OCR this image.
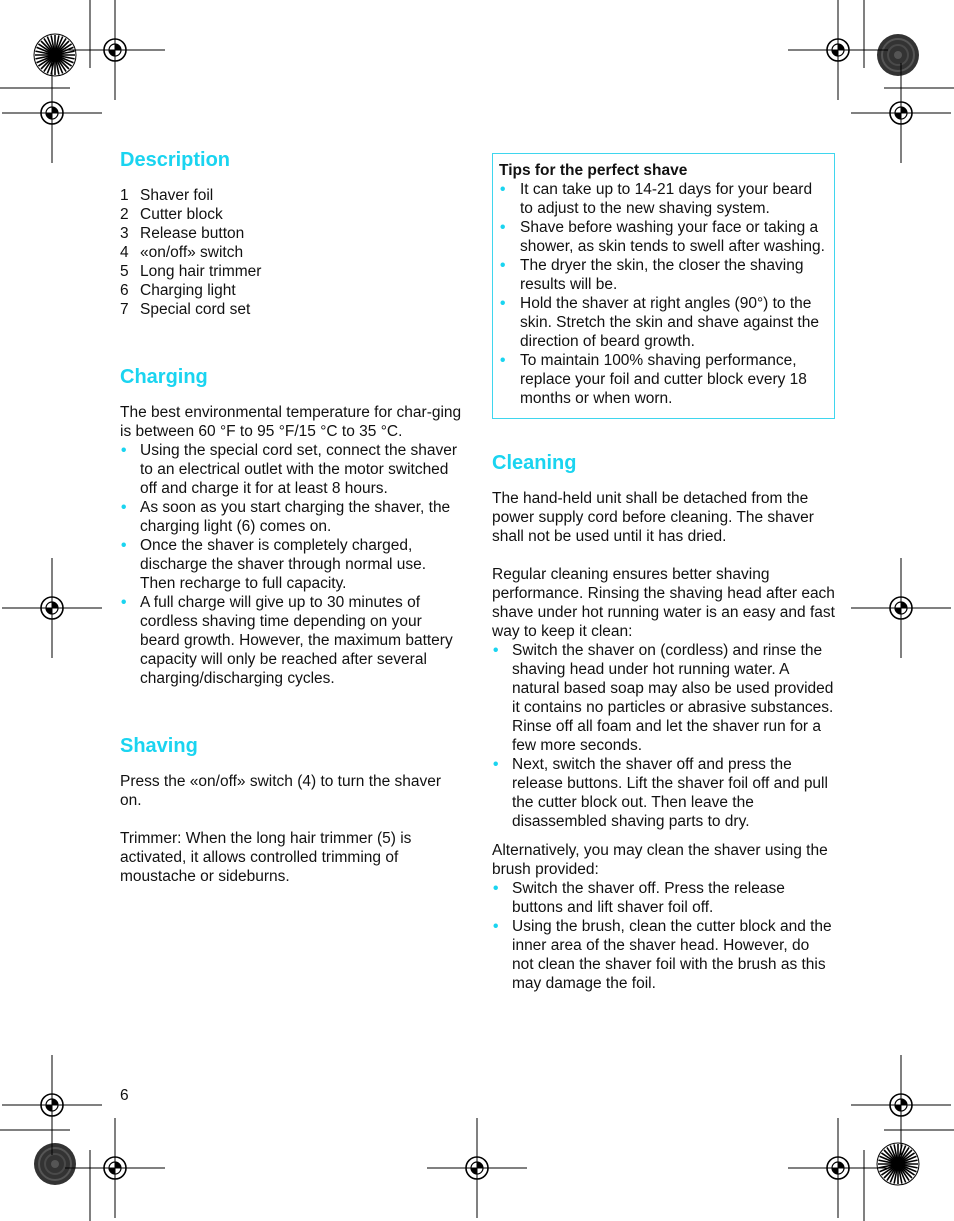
Description
1 Shaver foil
2 Cutter block
3 Release button
4 «on/off» switch
5 Long hair trimmer
6 Charging light
7 Special cord set
Charging

The best environmental temperature for char-ging is between 60 °F to 95 °F/15 °C to 35 °C.

• Using the special cord set, connect the shaver to an electrical outlet with the motor switched off and charge it for at least 8 hours.
• As soon as you start charging the shaver, the charging light (6) comes on.
• Once the shaver is completely charged, discharge the shaver through normal use. Then recharge to full capacity.
• A full charge will give up to 30 minutes of cordless shaving time depending on your beard growth. However, the maximum battery capacity will only be reached after several charging/discharging cycles.
Shaving

Press the «on/off» switch (4) to turn the shaver on.

Trimmer: When the long hair trimmer (5) is activated, it allows controlled trimming of moustache or sideburns.

Tips for the perfect shave
• It can take up to 14-21 days for your beard to adjust to the new shaving system.
• Shave before washing your face or taking a shower, as skin tends to swell after washing.
• The dryer the skin, the closer the shaving results will be.
• Hold the shaver at right angles (90°) to the skin. Stretch the skin and shave against the direction of beard growth.
• To maintain 100% shaving performance, replace your foil and cutter block every 18 months or when worn.
Cleaning

The hand-held unit shall be detached from the power supply cord before cleaning. The shaver shall not be used until it has dried.

Regular cleaning ensures better shaving performance. Rinsing the shaving head after each shave under hot running water is an easy and fast way to keep it clean:

• Switch the shaver on (cordless) and rinse the shaving head under hot running water. A natural based soap may also be used provided it contains no particles or abrasive substances. Rinse off all foam and let the shaver run for a few more seconds.
• Next, switch the shaver off and press the release buttons. Lift the shaver foil off and pull the cutter block out. Then leave the disassembled shaving parts to dry.

Alternatively, you may clean the shaver using the brush provided:

• Switch the shaver off. Press the release buttons and lift shaver foil off.
• Using the brush, clean the cutter block and the inner area of the shaver head. However, do not clean the shaver foil with the brush as this may damage the foil.
6
